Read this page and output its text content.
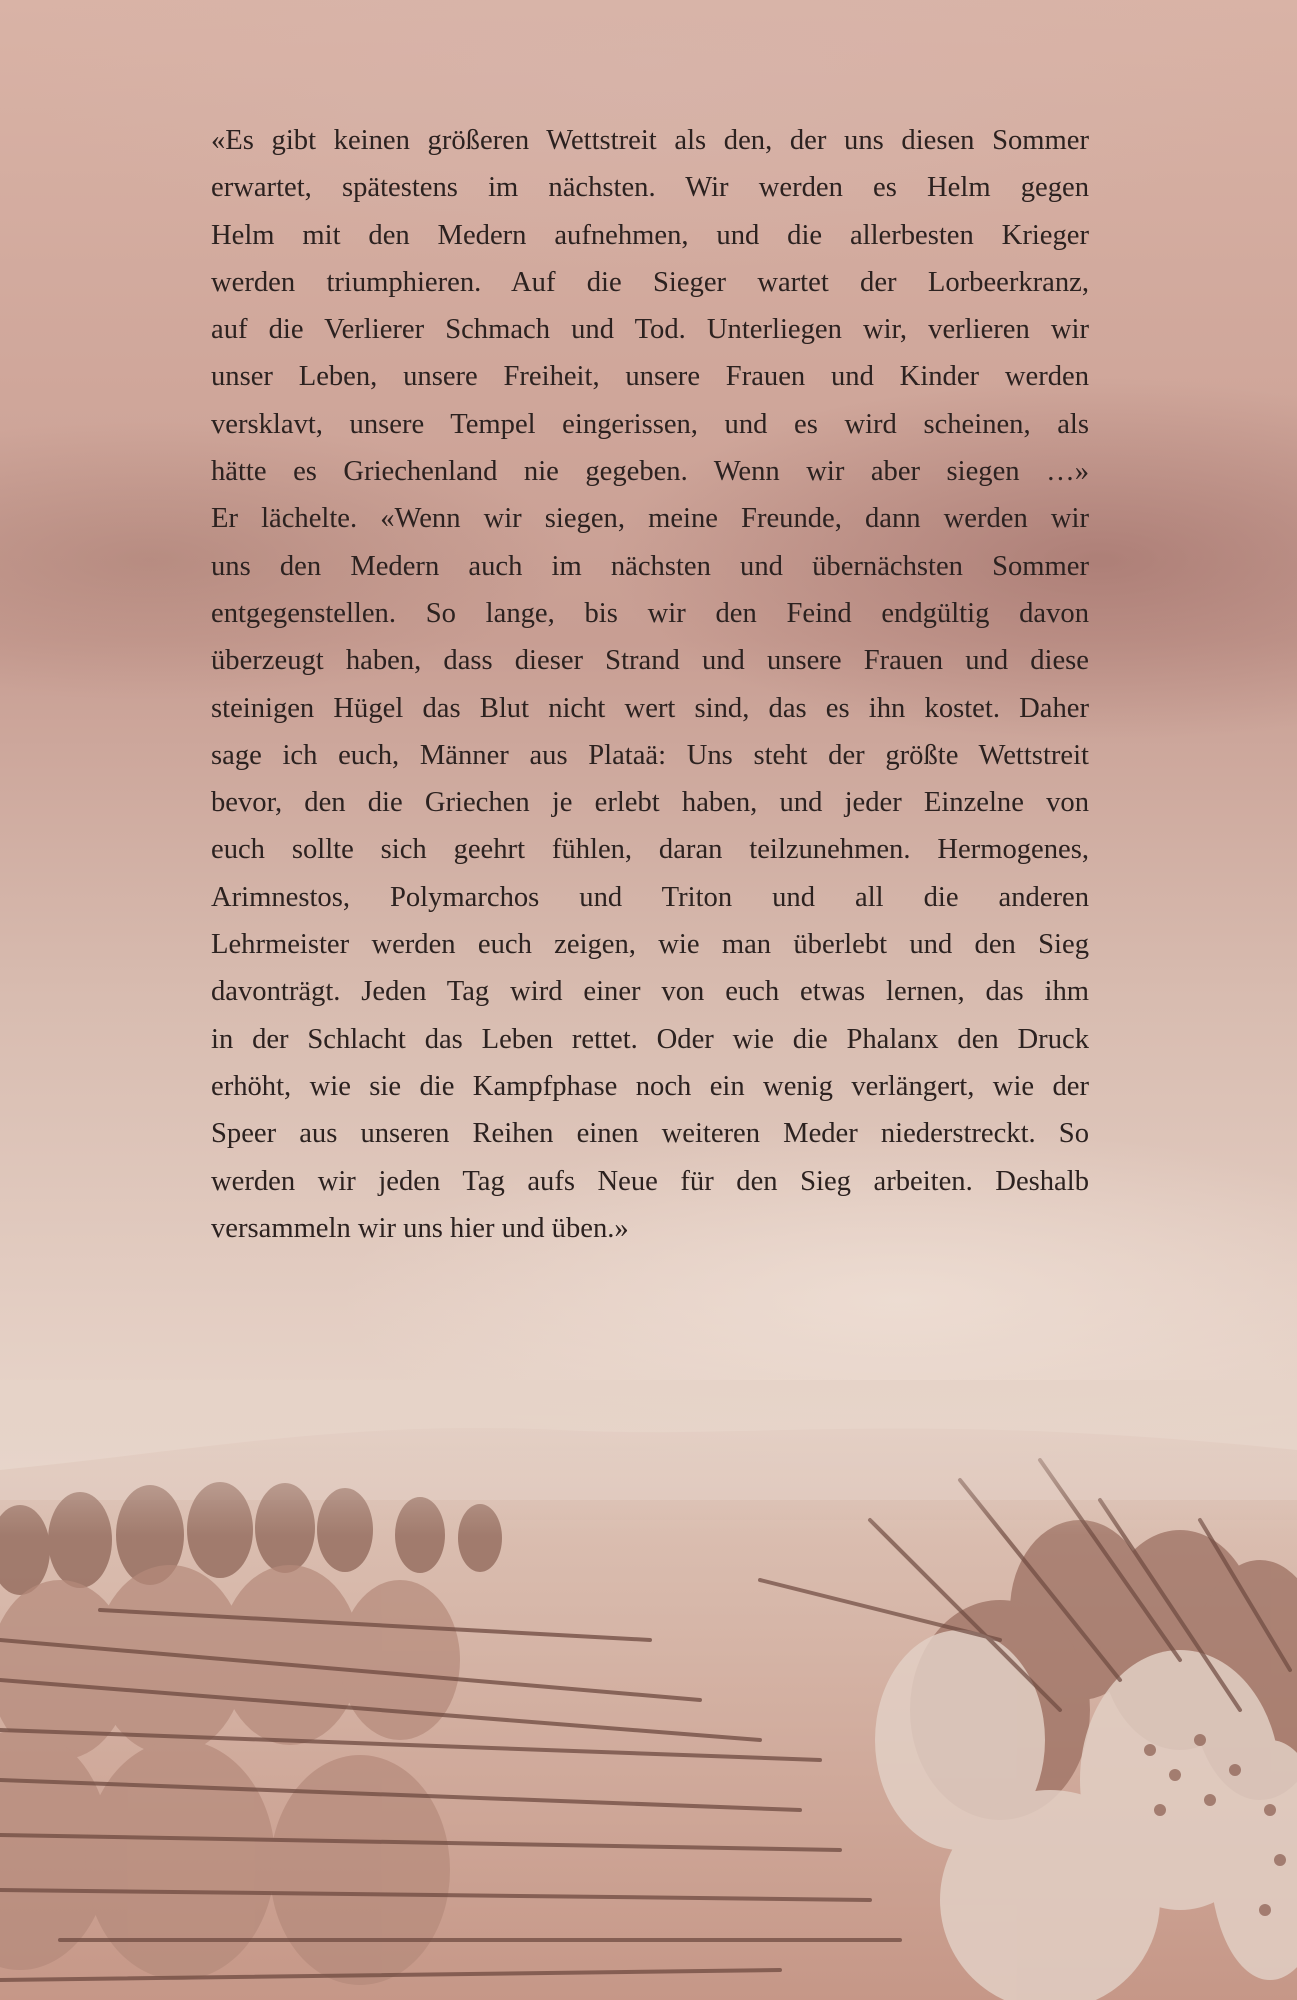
«Es gibt keinen größeren Wettstreit als den, der uns diesen Sommer
erwartet, spätestens im nächsten. Wir werden es Helm gegen
Helm mit den Medern aufnehmen, und die allerbesten Krieger
werden triumphieren. Auf die Sieger wartet der Lorbeerkranz,
auf die Verlierer Schmach und Tod. Unterliegen wir, verlieren wir
unser Leben, unsere Freiheit, unsere Frauen und Kinder werden
versklavt, unsere Tempel eingerissen, und es wird scheinen, als
hätte es Griechenland nie gegeben. Wenn wir aber siegen …»
Er lächelte. «Wenn wir siegen, meine Freunde, dann werden wir
uns den Medern auch im nächsten und übernächsten Sommer
entgegenstellen. So lange, bis wir den Feind endgültig davon
überzeugt haben, dass dieser Strand und unsere Frauen und diese
steinigen Hügel das Blut nicht wert sind, das es ihn kostet. Daher
sage ich euch, Männer aus Plataä: Uns steht der größte Wettstreit
bevor, den die Griechen je erlebt haben, und jeder Einzelne von
euch sollte sich geehrt fühlen, daran teilzunehmen. Hermogenes,
Arimnestos, Polymarchos und Triton und all die anderen
Lehrmeister werden euch zeigen, wie man überlebt und den Sieg
davonträgt. Jeden Tag wird einer von euch etwas lernen, das ihm
in der Schlacht das Leben rettet. Oder wie die Phalanx den Druck
erhöht, wie sie die Kampfphase noch ein wenig verlängert, wie der
Speer aus unseren Reihen einen weiteren Meder niederstreckt. So
werden wir jeden Tag aufs Neue für den Sieg arbeiten. Deshalb
versammeln wir uns hier und üben.»
